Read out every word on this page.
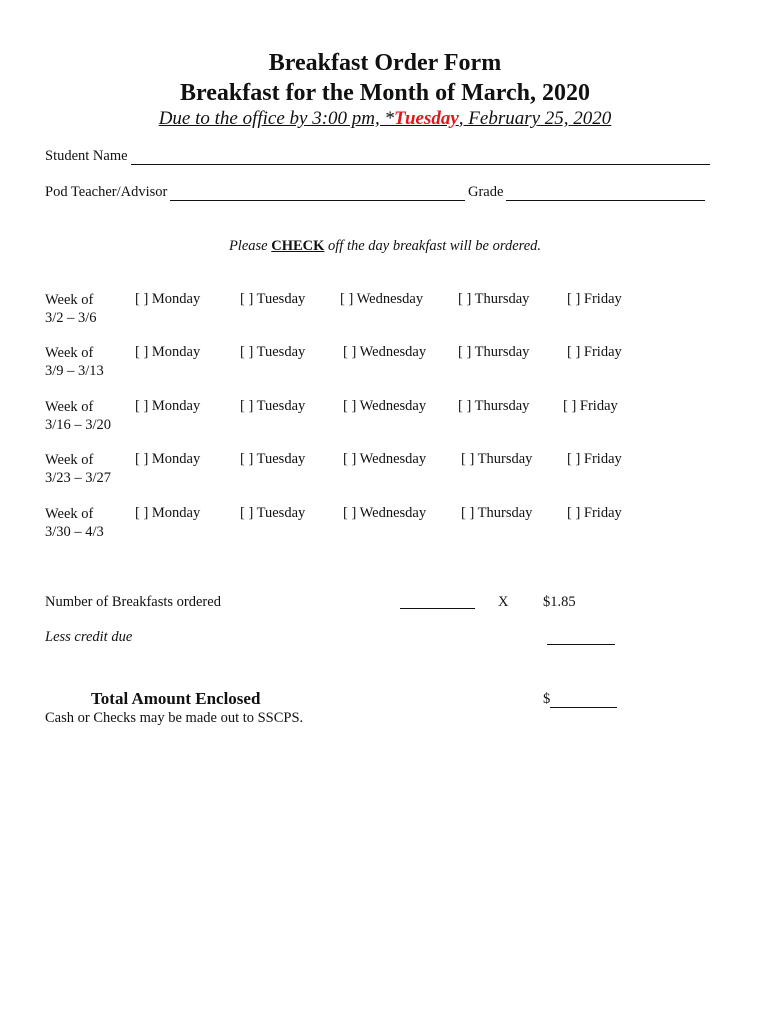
Breakfast Order Form
Breakfast for the Month of March, 2020
Due to the office by 3:00 pm, *Tuesday, February 25, 2020
Student Name
Pod Teacher/Advisor	Grade
Please CHECK off the day breakfast will be ordered.
Week of
3/2 – 3/6
[ ] Monday	[ ] Tuesday [ ] Wednesday [ ] Thursday	[ ] Friday
Week of
3/9 – 3/13
[ ] Monday	[ ] Tuesday	[ ] Wednesday [ ] Thursday	[ ] Friday
Week of
3/16 – 3/20
[ ] Monday	[ ] Tuesday	[ ] Wednesday [ ] Thursday [ ] Friday
Week of
3/23 – 3/27
[ ] Monday	[ ] Tuesday	[ ] Wednesday [ ] Thursday [ ] Friday
Week of
3/30 – 4/3
[ ] Monday	[ ] Tuesday	[ ] Wednesday [ ] Thursday [ ] Friday
Number of Breakfasts ordered	X $1.85
Less credit due
Total Amount Enclosed	$
Cash or Checks may be made out to SSCPS.
